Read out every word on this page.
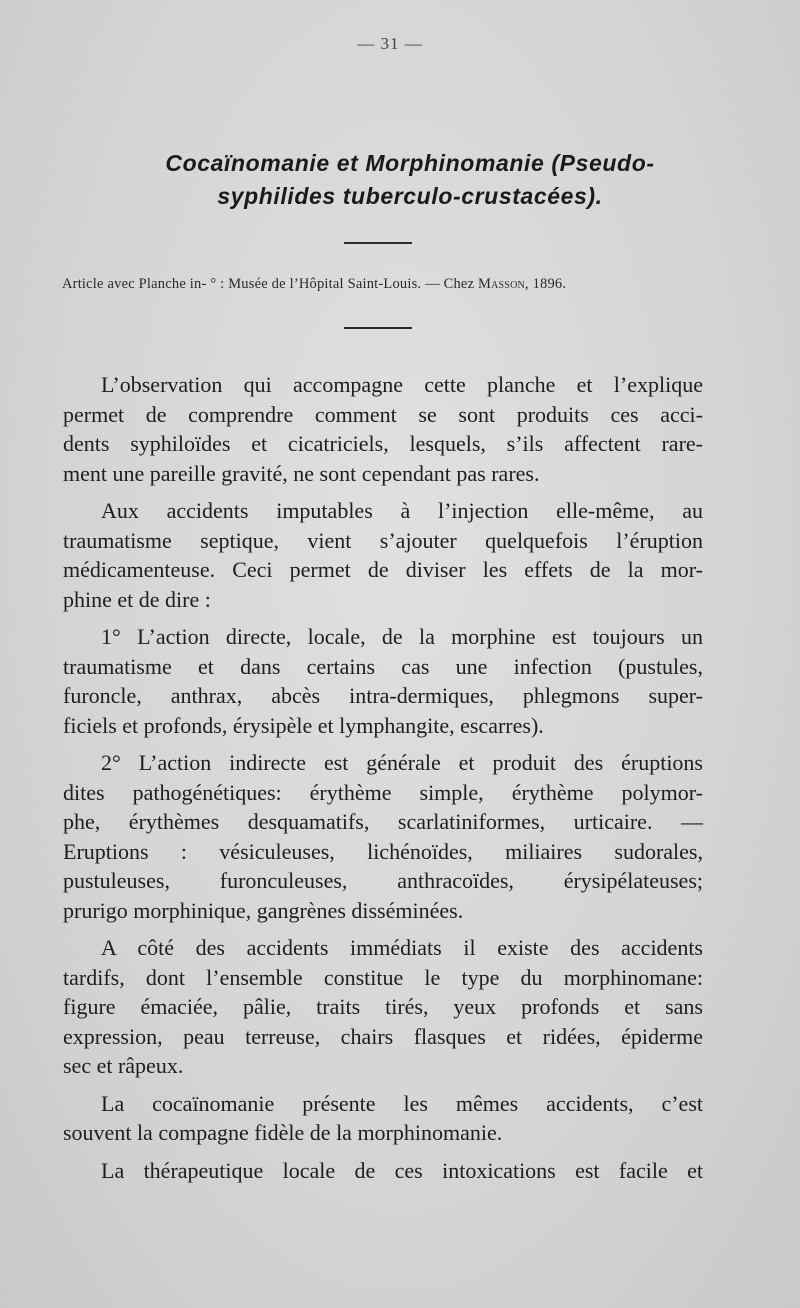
— 31 —
Cocaïnomanie et Morphinomanie (Pseudo-
syphilides tuberculo-crustacées).
Article avec Planche in- ° : Musée de l’Hôpital Saint-Louis. — Chez Masson, 1896.
L’observation qui accompagne cette planche et l’explique
permet de comprendre comment se sont produits ces acci-
dents syphiloïdes et cicatriciels, lesquels, s’ils affectent rare-
ment une pareille gravité, ne sont cependant pas rares.
Aux accidents imputables à l’injection elle-même, au
traumatisme septique, vient s’ajouter quelquefois l’éruption
médicamenteuse. Ceci permet de diviser les effets de la mor-
phine et de dire :
1° L’action directe, locale, de la morphine est toujours un
traumatisme et dans certains cas une infection (pustules,
furoncle, anthrax, abcès intra-dermiques, phlegmons super-
ficiels et profonds, érysipèle et lymphangite, escarres).
2° L’action indirecte est générale et produit des éruptions
dites pathogénétiques: érythème simple, érythème polymor-
phe, érythèmes desquamatifs, scarlatiniformes, urticaire. —
Eruptions : vésiculeuses, lichénoïdes, miliaires sudorales,
pustuleuses, furonculeuses, anthracoïdes, érysipélateuses;
prurigo morphinique, gangrènes disséminées.
A côté des accidents immédiats il existe des accidents
tardifs, dont l’ensemble constitue le type du morphinomane:
figure émaciée, pâlie, traits tirés, yeux profonds et sans
expression, peau terreuse, chairs flasques et ridées, épiderme
sec et râpeux.
La cocaïnomanie présente les mêmes accidents, c’est
souvent la compagne fidèle de la morphinomanie.
La thérapeutique locale de ces intoxications est facile et
